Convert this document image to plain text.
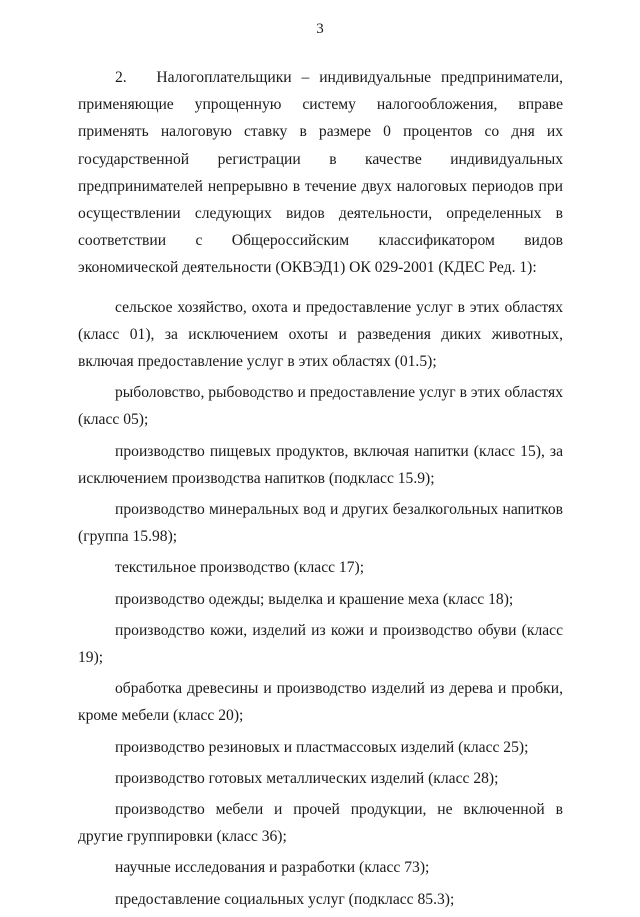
3

2.   Налогоплательщики – индивидуальные предприниматели, применяющие упрощенную систему налогообложения, вправе применять налоговую ставку в размере 0 процентов со дня их государственной регистрации в качестве индивидуальных предпринимателей непрерывно в течение двух налоговых периодов при осуществлении следующих видов деятельности, определенных в соответствии с Общероссийским классификатором видов экономической деятельности (ОКВЭД1) ОК 029-2001 (КДЕС Ред. 1):

сельское хозяйство, охота и предоставление услуг в этих областях (класс 01), за исключением охоты и разведения диких животных, включая предоставление услуг в этих областях (01.5);

рыболовство, рыбоводство и предоставление услуг в этих областях (класс 05);

производство пищевых продуктов, включая напитки (класс 15), за исключением производства напитков (подкласс 15.9);

производство минеральных вод и других безалкогольных напитков (группа 15.98);

текстильное производство (класс 17);

производство одежды; выделка и крашение меха (класс 18);

производство кожи, изделий из кожи и производство обуви (класс 19);

обработка древесины и производство изделий из дерева и пробки, кроме мебели (класс 20);

производство резиновых и пластмассовых изделий (класс 25);

производство готовых металлических изделий (класс 28);

производство мебели и прочей продукции, не включенной в другие группировки (класс 36);

научные исследования и разработки (класс 73);

предоставление социальных услуг (подкласс 85.3);
